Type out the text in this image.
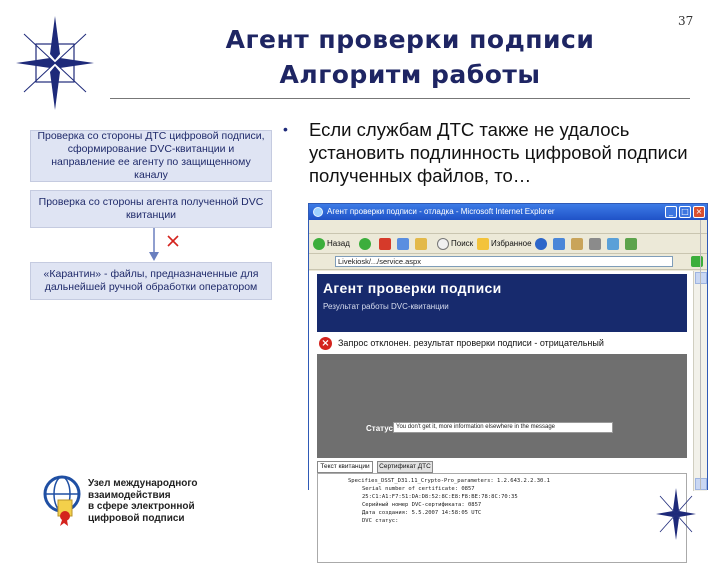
Агент проверки подписи
Алгоритм работы
37
Проверка со стороны ДТС цифровой подписи, сформирование DVC-квитанции и направление ее агенту по защищенному каналу
Проверка со стороны агента полученной DVC квитанции
«Карантин» - файлы, предназначенные для дальнейшей ручной обработки оператором
•	Если службам ДТС также не удалось установить подлинность цифровой подписи полученных файлов, то…
Агент проверки подписи - отладка - Microsoft Internet Explorer	_	□ ×
Назад	Поиск Избранное
Livekiosk/.../service.aspx
Агент проверки подписи
Результат работы DVC-квитанции
× Запрос отклонен. результат проверки подписи - отрицательный
Статус You don't get it, more information elsewhere in the message
Текст квитанции	Сертификат ДТС
Specifies_DSST_D31.11_Crypto-Pro_parameters: 1.2.643.2.2.30.1
Serial number of certificate: 0857
25:C1:A1:F7:51:DA:D8:52:8C:E8:F8:BE:78:8C:70:35
Серийный номер DVC-сертификата: 0857
Дата создания: 5.5.2007 14:58:05 UTC
DVC статус:
Узел международного
взаимодействия
в сфере электронной
цифровой подписи
